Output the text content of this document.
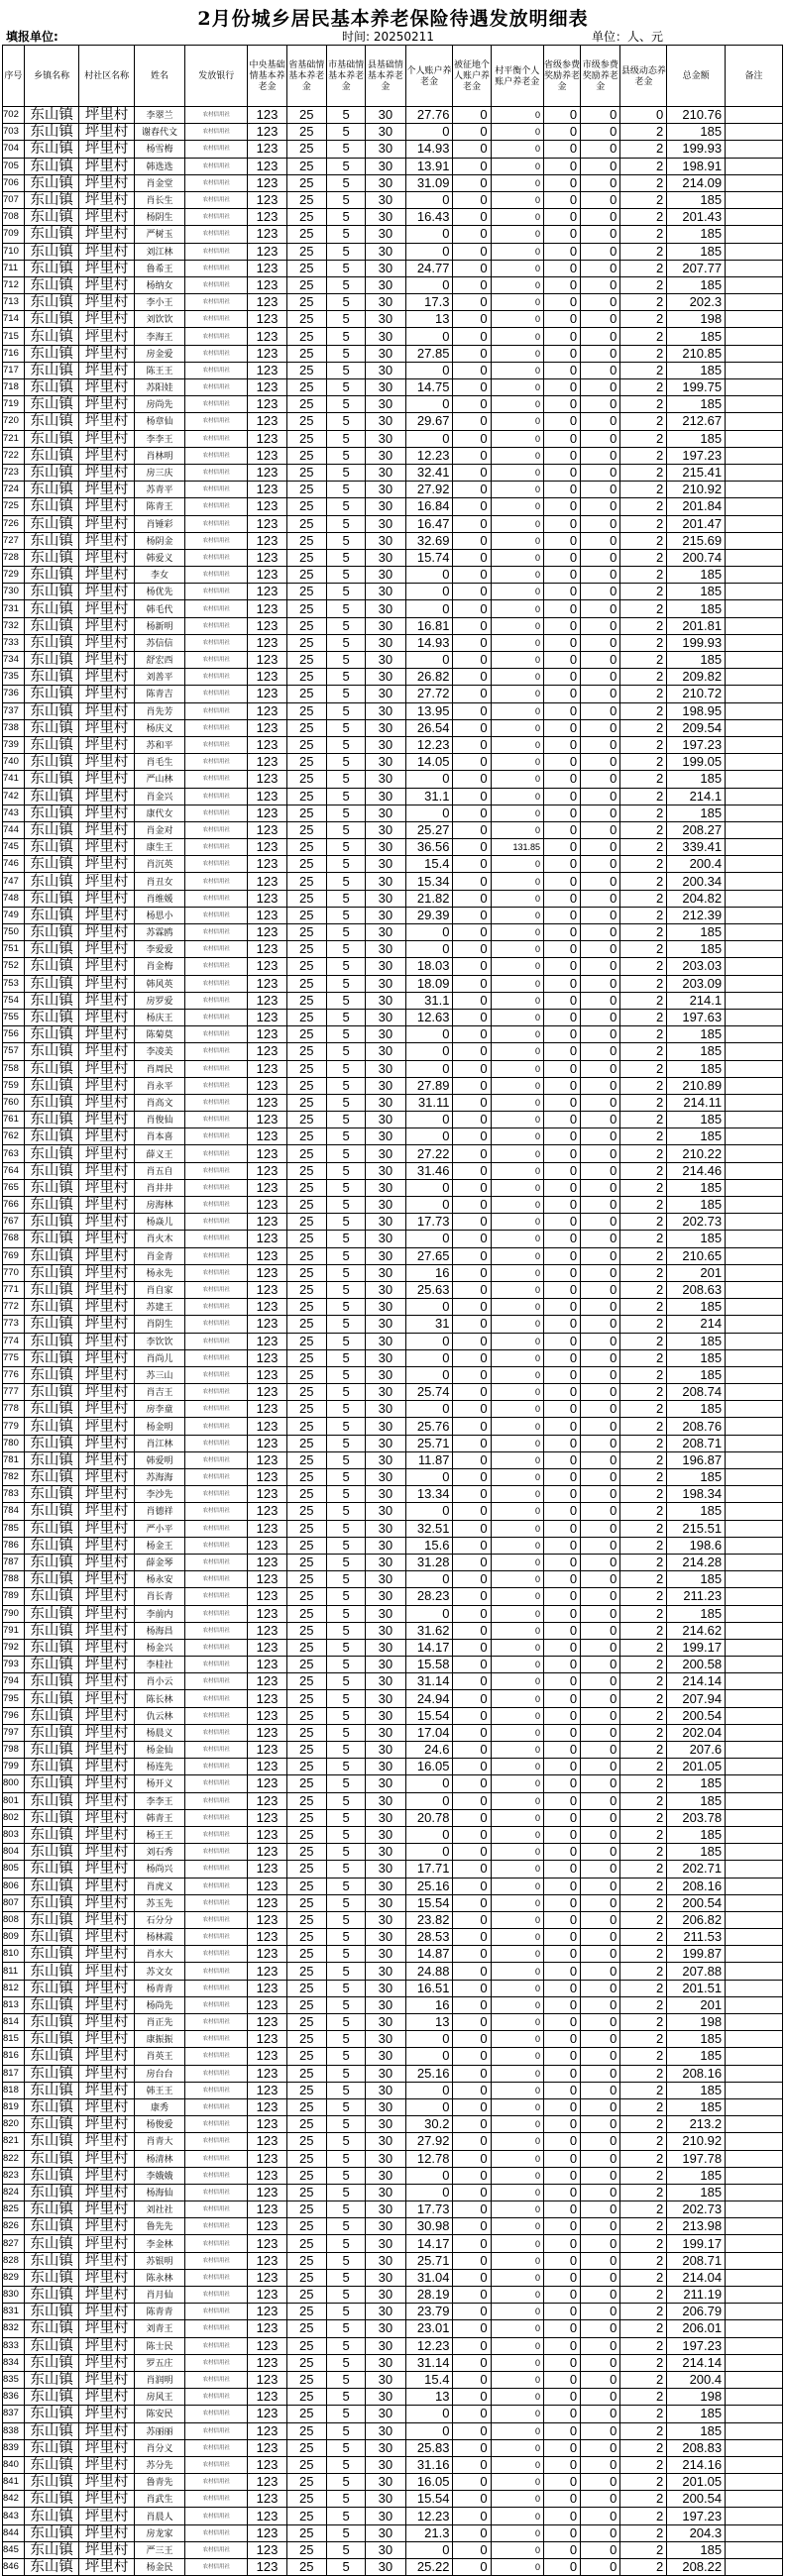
2月份城乡居民基本养老保险待遇发放明细表
填报单位:	时间: 20250211	单位：人、元
序号	乡镇名称	村社区名称	姓名	发放银行	中央基础情基本养老金	省基础情基本养老金	市基础情基本养老金	县基础情基本养老金	个人账户养老金	被征地个人账户养老金	村平衡个人账户养老金	省级参费奖励养老金	市级参费奖励养老金	县级动态养老金	总金额	备注
702	东山镇	坪里村	李翠兰	农村信用社	123	25	5	30	27.76	0	0	0	0	0	210.76	
703	东山镇	坪里村	谢春代文	农村信用社	123	25	5	30	0	0	0	0	0	2	185	
704	东山镇	坪里村	杨雪梅	农村信用社	123	25	5	30	14.93	0	0	0	0	2	199.93	
705	东山镇	坪里村	韩选选	农村信用社	123	25	5	30	13.91	0	0	0	0	2	198.91	
706	东山镇	坪里村	肖金堂	农村信用社	123	25	5	30	31.09	0	0	0	0	2	214.09	
707	东山镇	坪里村	肖长生	农村信用社	123	25	5	30	0	0	0	0	0	2	185	
708	东山镇	坪里村	杨阴生	农村信用社	123	25	5	30	16.43	0	0	0	0	2	201.43	
709	东山镇	坪里村	严树玉	农村信用社	123	25	5	30	0	0	0	0	0	2	185	
710	东山镇	坪里村	刘江林	农村信用社	123	25	5	30	0	0	0	0	0	2	185	
711	东山镇	坪里村	鲁希王	农村信用社	123	25	5	30	24.77	0	0	0	0	2	207.77	
712	东山镇	坪里村	杨纳女	农村信用社	123	25	5	30	0	0	0	0	0	2	185	
713	东山镇	坪里村	李小王	农村信用社	123	25	5	30	17.3	0	0	0	0	2	202.3	
714	东山镇	坪里村	刘饮饮	农村信用社	123	25	5	30	13	0	0	0	0	2	198	
715	东山镇	坪里村	李海王	农村信用社	123	25	5	30	0	0	0	0	0	2	185	
716	东山镇	坪里村	房金爱	农村信用社	123	25	5	30	27.85	0	0	0	0	2	210.85	
717	东山镇	坪里村	陈王王	农村信用社	123	25	5	30	0	0	0	0	0	2	185	
718	东山镇	坪里村	苏阳娃	农村信用社	123	25	5	30	14.75	0	0	0	0	2	199.75	
719	东山镇	坪里村	房尚先	农村信用社	123	25	5	30	0	0	0	0	0	2	185	
720	东山镇	坪里村	杨章仙	农村信用社	123	25	5	30	29.67	0	0	0	0	2	212.67	
721	东山镇	坪里村	李李王	农村信用社	123	25	5	30	0	0	0	0	0	2	185	
722	东山镇	坪里村	肖林明	农村信用社	123	25	5	30	12.23	0	0	0	0	2	197.23	
723	东山镇	坪里村	房三庆	农村信用社	123	25	5	30	32.41	0	0	0	0	2	215.41	
724	东山镇	坪里村	苏青平	农村信用社	123	25	5	30	27.92	0	0	0	0	2	210.92	
725	东山镇	坪里村	陈青王	农村信用社	123	25	5	30	16.84	0	0	0	0	2	201.84	
726	东山镇	坪里村	肖锤彩	农村信用社	123	25	5	30	16.47	0	0	0	0	2	201.47	
727	东山镇	坪里村	杨阴金	农村信用社	123	25	5	30	32.69	0	0	0	0	2	215.69	
728	东山镇	坪里村	韩爱义	农村信用社	123	25	5	30	15.74	0	0	0	0	2	200.74	
729	东山镇	坪里村	李女	农村信用社	123	25	5	30	0	0	0	0	0	2	185	
730	东山镇	坪里村	杨优先	农村信用社	123	25	5	30	0	0	0	0	0	2	185	
731	东山镇	坪里村	韩毛代	农村信用社	123	25	5	30	0	0	0	0	0	2	185	
732	东山镇	坪里村	杨新明	农村信用社	123	25	5	30	16.81	0	0	0	0	2	201.81	
733	东山镇	坪里村	苏信信	农村信用社	123	25	5	30	14.93	0	0	0	0	2	199.93	
734	东山镇	坪里村	舒宏西	农村信用社	123	25	5	30	0	0	0	0	0	2	185	
735	东山镇	坪里村	刘善平	农村信用社	123	25	5	30	26.82	0	0	0	0	2	209.82	
736	东山镇	坪里村	陈青吉	农村信用社	123	25	5	30	27.72	0	0	0	0	2	210.72	
737	东山镇	坪里村	肖先芳	农村信用社	123	25	5	30	13.95	0	0	0	0	2	198.95	
738	东山镇	坪里村	杨庆义	农村信用社	123	25	5	30	26.54	0	0	0	0	2	209.54	
739	东山镇	坪里村	苏和平	农村信用社	123	25	5	30	12.23	0	0	0	0	2	197.23	
740	东山镇	坪里村	肖毛生	农村信用社	123	25	5	30	14.05	0	0	0	0	2	199.05	
741	东山镇	坪里村	严山林	农村信用社	123	25	5	30	0	0	0	0	0	2	185	
742	东山镇	坪里村	肖金兴	农村信用社	123	25	5	30	31.1	0	0	0	0	2	214.1	
743	东山镇	坪里村	康代女	农村信用社	123	25	5	30	0	0	0	0	0	2	185	
744	东山镇	坪里村	肖金对	农村信用社	123	25	5	30	25.27	0	0	0	0	2	208.27	
745	东山镇	坪里村	康生王	农村信用社	123	25	5	30	36.56	0	131.85	0	0	2	339.41	
746	东山镇	坪里村	肖沉英	农村信用社	123	25	5	30	15.4	0	0	0	0	2	200.4	
747	东山镇	坪里村	肖丑女	农村信用社	123	25	5	30	15.34	0	0	0	0	2	200.34	
748	东山镇	坪里村	肖维媛	农村信用社	123	25	5	30	21.82	0	0	0	0	2	204.82	
749	东山镇	坪里村	杨思小	农村信用社	123	25	5	30	29.39	0	0	0	0	2	212.39	
750	东山镇	坪里村	苏霖鸥	农村信用社	123	25	5	30	0	0	0	0	0	2	185	
751	东山镇	坪里村	李爱爱	农村信用社	123	25	5	30	0	0	0	0	0	2	185	
752	东山镇	坪里村	肖金梅	农村信用社	123	25	5	30	18.03	0	0	0	0	2	203.03	
753	东山镇	坪里村	韩风英	农村信用社	123	25	5	30	18.09	0	0	0	0	2	203.09	
754	东山镇	坪里村	房罗爱	农村信用社	123	25	5	30	31.1	0	0	0	0	2	214.1	
755	东山镇	坪里村	杨庆王	农村信用社	123	25	5	30	12.63	0	0	0	0	2	197.63	
756	东山镇	坪里村	陈菊莫	农村信用社	123	25	5	30	0	0	0	0	0	2	185	
757	东山镇	坪里村	李凌美	农村信用社	123	25	5	30	0	0	0	0	0	2	185	
758	东山镇	坪里村	肖周民	农村信用社	123	25	5	30	0	0	0	0	0	2	185	
759	东山镇	坪里村	肖永平	农村信用社	123	25	5	30	27.89	0	0	0	0	2	210.89	
760	东山镇	坪里村	肖高文	农村信用社	123	25	5	30	31.11	0	0	0	0	2	214.11	
761	东山镇	坪里村	肖俊仙	农村信用社	123	25	5	30	0	0	0	0	0	2	185	
762	东山镇	坪里村	肖本喜	农村信用社	123	25	5	30	0	0	0	0	0	2	185	
763	东山镇	坪里村	薛义王	农村信用社	123	25	5	30	27.22	0	0	0	0	2	210.22	
764	东山镇	坪里村	肖五自	农村信用社	123	25	5	30	31.46	0	0	0	0	2	214.46	
765	东山镇	坪里村	肖井井	农村信用社	123	25	5	30	0	0	0	0	0	2	185	
766	东山镇	坪里村	房海林	农村信用社	123	25	5	30	0	0	0	0	0	2	185	
767	东山镇	坪里村	杨焱儿	农村信用社	123	25	5	30	17.73	0	0	0	0	2	202.73	
768	东山镇	坪里村	肖火木	农村信用社	123	25	5	30	0	0	0	0	0	2	185	
769	东山镇	坪里村	肖金青	农村信用社	123	25	5	30	27.65	0	0	0	0	2	210.65	
770	东山镇	坪里村	杨永先	农村信用社	123	25	5	30	16	0	0	0	0	2	201	
771	东山镇	坪里村	肖自家	农村信用社	123	25	5	30	25.63	0	0	0	0	2	208.63	
772	东山镇	坪里村	苏建王	农村信用社	123	25	5	30	0	0	0	0	0	2	185	
773	东山镇	坪里村	肖阴生	农村信用社	123	25	5	30	31	0	0	0	0	2	214	
774	东山镇	坪里村	李饮饮	农村信用社	123	25	5	30	0	0	0	0	0	2	185	
775	东山镇	坪里村	肖尚儿	农村信用社	123	25	5	30	0	0	0	0	0	2	185	
776	东山镇	坪里村	苏三山	农村信用社	123	25	5	30	0	0	0	0	0	2	185	
777	东山镇	坪里村	肖吉王	农村信用社	123	25	5	30	25.74	0	0	0	0	2	208.74	
778	东山镇	坪里村	房李童	农村信用社	123	25	5	30	0	0	0	0	0	2	185	
779	东山镇	坪里村	杨金明	农村信用社	123	25	5	30	25.76	0	0	0	0	2	208.76	
780	东山镇	坪里村	肖江林	农村信用社	123	25	5	30	25.71	0	0	0	0	2	208.71	
781	东山镇	坪里村	韩爱明	农村信用社	123	25	5	30	11.87	0	0	0	0	2	196.87	
782	东山镇	坪里村	苏海海	农村信用社	123	25	5	30	0	0	0	0	0	2	185	
783	东山镇	坪里村	李沙先	农村信用社	123	25	5	30	13.34	0	0	0	0	2	198.34	
784	东山镇	坪里村	肖德祥	农村信用社	123	25	5	30	0	0	0	0	0	2	185	
785	东山镇	坪里村	严小平	农村信用社	123	25	5	30	32.51	0	0	0	0	2	215.51	
786	东山镇	坪里村	杨金王	农村信用社	123	25	5	30	15.6	0	0	0	0	2	198.6	
787	东山镇	坪里村	薛金琴	农村信用社	123	25	5	30	31.28	0	0	0	0	2	214.28	
788	东山镇	坪里村	杨永安	农村信用社	123	25	5	30	0	0	0	0	0	2	185	
789	东山镇	坪里村	肖长青	农村信用社	123	25	5	30	28.23	0	0	0	0	2	211.23	
790	东山镇	坪里村	李前内	农村信用社	123	25	5	30	0	0	0	0	0	2	185	
791	东山镇	坪里村	杨海昌	农村信用社	123	25	5	30	31.62	0	0	0	0	2	214.62	
792	东山镇	坪里村	杨金兴	农村信用社	123	25	5	30	14.17	0	0	0	0	2	199.17	
793	东山镇	坪里村	李桂社	农村信用社	123	25	5	30	15.58	0	0	0	0	2	200.58	
794	东山镇	坪里村	肖小云	农村信用社	123	25	5	30	31.14	0	0	0	0	2	214.14	
795	东山镇	坪里村	陈长林	农村信用社	123	25	5	30	24.94	0	0	0	0	2	207.94	
796	东山镇	坪里村	仇云林	农村信用社	123	25	5	30	15.54	0	0	0	0	2	200.54	
797	东山镇	坪里村	杨晨义	农村信用社	123	25	5	30	17.04	0	0	0	0	2	202.04	
798	东山镇	坪里村	杨金仙	农村信用社	123	25	5	30	24.6	0	0	0	0	2	207.6	
799	东山镇	坪里村	杨连先	农村信用社	123	25	5	30	16.05	0	0	0	0	2	201.05	
800	东山镇	坪里村	杨开义	农村信用社	123	25	5	30	0	0	0	0	0	2	185	
801	东山镇	坪里村	李李王	农村信用社	123	25	5	30	0	0	0	0	0	2	185	
802	东山镇	坪里村	韩青王	农村信用社	123	25	5	30	20.78	0	0	0	0	2	203.78	
803	东山镇	坪里村	杨王王	农村信用社	123	25	5	30	0	0	0	0	0	2	185	
804	东山镇	坪里村	刘石秀	农村信用社	123	25	5	30	0	0	0	0	0	2	185	
805	东山镇	坪里村	杨尚兴	农村信用社	123	25	5	30	17.71	0	0	0	0	2	202.71	
806	东山镇	坪里村	肖虎义	农村信用社	123	25	5	30	25.16	0	0	0	0	2	208.16	
807	东山镇	坪里村	苏玉先	农村信用社	123	25	5	30	15.54	0	0	0	0	2	200.54	
808	东山镇	坪里村	石分分	农村信用社	123	25	5	30	23.82	0	0	0	0	2	206.82	
809	东山镇	坪里村	杨林霞	农村信用社	123	25	5	30	28.53	0	0	0	0	2	211.53	
810	东山镇	坪里村	肖水大	农村信用社	123	25	5	30	14.87	0	0	0	0	2	199.87	
811	东山镇	坪里村	苏文女	农村信用社	123	25	5	30	24.88	0	0	0	0	2	207.88	
812	东山镇	坪里村	杨青青	农村信用社	123	25	5	30	16.51	0	0	0	0	2	201.51	
813	东山镇	坪里村	杨尚先	农村信用社	123	25	5	30	16	0	0	0	0	2	201	
814	东山镇	坪里村	肖正先	农村信用社	123	25	5	30	13	0	0	0	0	2	198	
815	东山镇	坪里村	康振振	农村信用社	123	25	5	30	0	0	0	0	0	2	185	
816	东山镇	坪里村	肖英王	农村信用社	123	25	5	30	0	0	0	0	0	2	185	
817	东山镇	坪里村	房台台	农村信用社	123	25	5	30	25.16	0	0	0	0	2	208.16	
818	东山镇	坪里村	韩王王	农村信用社	123	25	5	30	0	0	0	0	0	2	185	
819	东山镇	坪里村	康秀	农村信用社	123	25	5	30	0	0	0	0	0	2	185	
820	东山镇	坪里村	杨俊爱	农村信用社	123	25	5	30	30.2	0	0	0	0	2	213.2	
821	东山镇	坪里村	肖青大	农村信用社	123	25	5	30	27.92	0	0	0	0	2	210.92	
822	东山镇	坪里村	杨清林	农村信用社	123	25	5	30	12.78	0	0	0	0	2	197.78	
823	东山镇	坪里村	李娥娥	农村信用社	123	25	5	30	0	0	0	0	0	2	185	
824	东山镇	坪里村	杨海仙	农村信用社	123	25	5	30	0	0	0	0	0	2	185	
825	东山镇	坪里村	刘社社	农村信用社	123	25	5	30	17.73	0	0	0	0	2	202.73	
826	东山镇	坪里村	鲁先先	农村信用社	123	25	5	30	30.98	0	0	0	0	2	213.98	
827	东山镇	坪里村	李金林	农村信用社	123	25	5	30	14.17	0	0	0	0	2	199.17	
828	东山镇	坪里村	苏银明	农村信用社	123	25	5	30	25.71	0	0	0	0	2	208.71	
829	东山镇	坪里村	陈永林	农村信用社	123	25	5	30	31.04	0	0	0	0	2	214.04	
830	东山镇	坪里村	肖月仙	农村信用社	123	25	5	30	28.19	0	0	0	0	2	211.19	
831	东山镇	坪里村	陈青青	农村信用社	123	25	5	30	23.79	0	0	0	0	2	206.79	
832	东山镇	坪里村	刘青王	农村信用社	123	25	5	30	23.01	0	0	0	0	2	206.01	
833	东山镇	坪里村	陈士民	农村信用社	123	25	5	30	12.23	0	0	0	0	2	197.23	
834	东山镇	坪里村	罗五庄	农村信用社	123	25	5	30	31.14	0	0	0	0	2	214.14	
835	东山镇	坪里村	肖润明	农村信用社	123	25	5	30	15.4	0	0	0	0	2	200.4	
836	东山镇	坪里村	房风王	农村信用社	123	25	5	30	13	0	0	0	0	2	198	
837	东山镇	坪里村	陈安民	农村信用社	123	25	5	30	0	0	0	0	0	2	185	
838	东山镇	坪里村	苏丽丽	农村信用社	123	25	5	30	0	0	0	0	0	2	185	
839	东山镇	坪里村	肖分义	农村信用社	123	25	5	30	25.83	0	0	0	0	2	208.83	
840	东山镇	坪里村	苏分先	农村信用社	123	25	5	30	31.16	0	0	0	0	2	214.16	
841	东山镇	坪里村	鲁青先	农村信用社	123	25	5	30	16.05	0	0	0	0	2	201.05	
842	东山镇	坪里村	肖武生	农村信用社	123	25	5	30	15.54	0	0	0	0	2	200.54	
843	东山镇	坪里村	肖晨人	农村信用社	123	25	5	30	12.23	0	0	0	0	2	197.23	
844	东山镇	坪里村	房龙家	农村信用社	123	25	5	30	21.3	0	0	0	0	2	204.3	
845	东山镇	坪里村	严三王	农村信用社	123	25	5	30	0	0	0	0	0	2	185	
846	东山镇	坪里村	杨金民	农村信用社	123	25	5	30	25.22	0	0	0	0	2	208.22	
